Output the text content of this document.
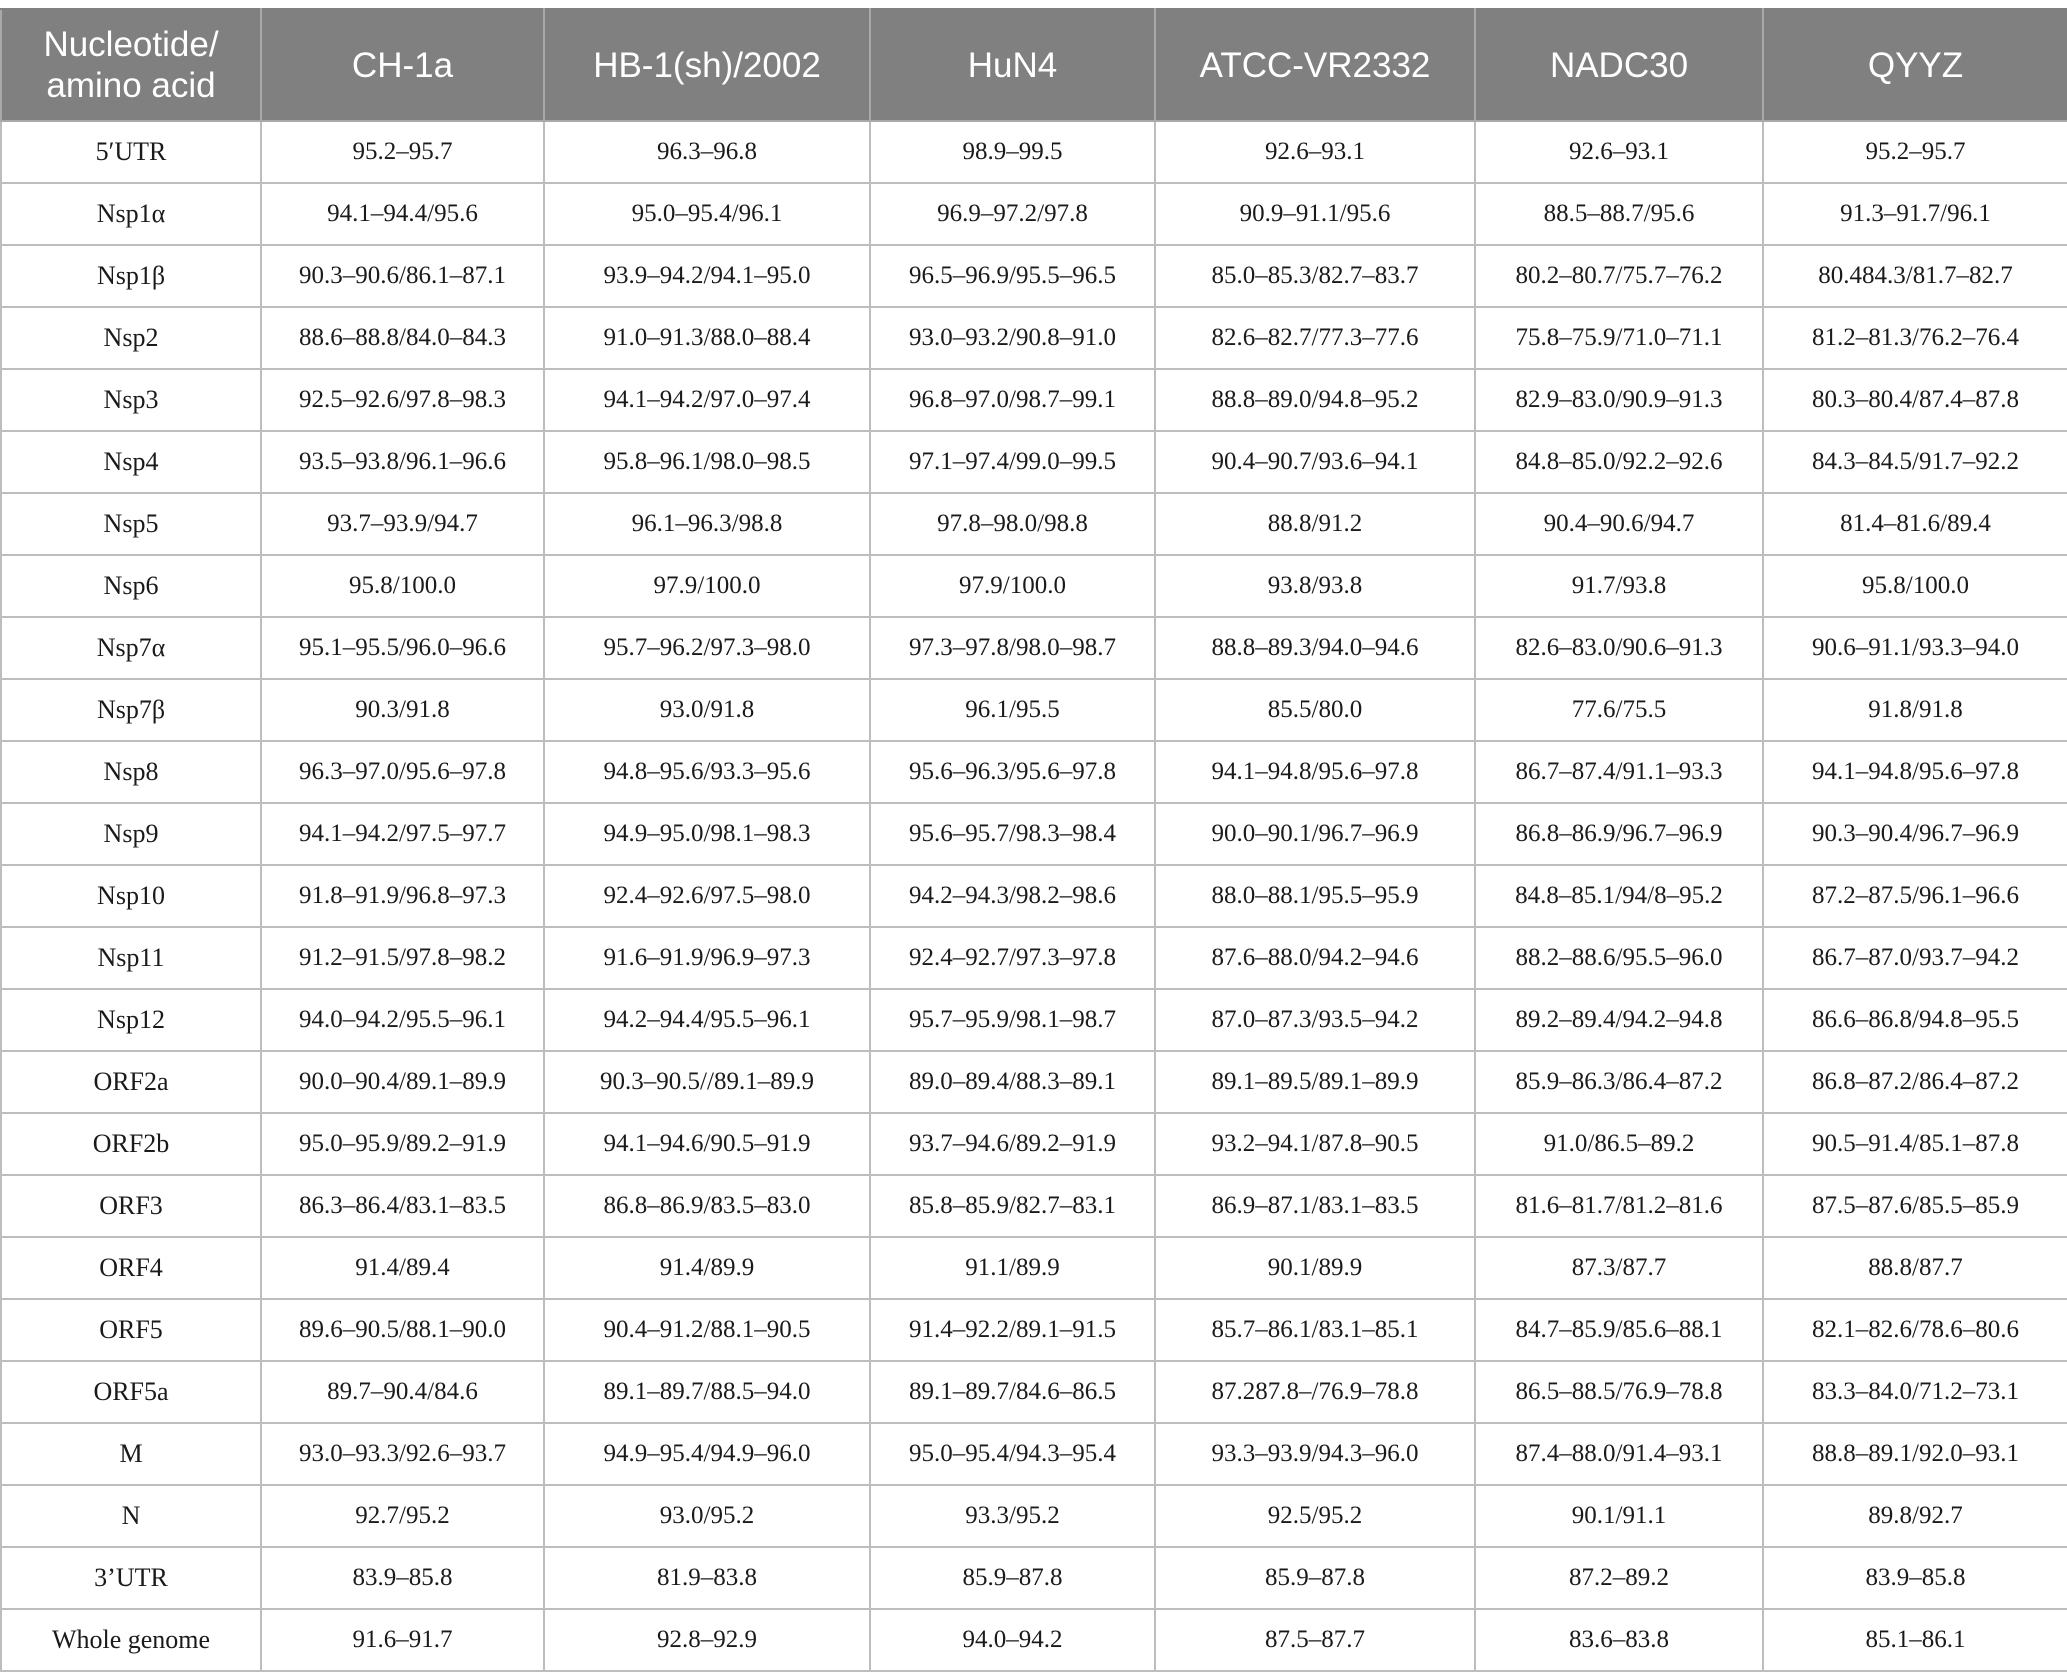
Nucleotide/ amino acid	CH-1a	HB-1(sh)/2002	HuN4	ATCC-VR2332	NADC30	QYYZ
5′UTR	95.2–95.7	96.3–96.8	98.9–99.5	92.6–93.1	92.6–93.1	95.2–95.7
Nsp1α	94.1–94.4/95.6	95.0–95.4/96.1	96.9–97.2/97.8	90.9–91.1/95.6	88.5–88.7/95.6	91.3–91.7/96.1
Nsp1β	90.3–90.6/86.1–87.1	93.9–94.2/94.1–95.0	96.5–96.9/95.5–96.5	85.0–85.3/82.7–83.7	80.2–80.7/75.7–76.2	80.484.3/81.7–82.7
Nsp2	88.6–88.8/84.0–84.3	91.0–91.3/88.0–88.4	93.0–93.2/90.8–91.0	82.6–82.7/77.3–77.6	75.8–75.9/71.0–71.1	81.2–81.3/76.2–76.4
Nsp3	92.5–92.6/97.8–98.3	94.1–94.2/97.0–97.4	96.8–97.0/98.7–99.1	88.8–89.0/94.8–95.2	82.9–83.0/90.9–91.3	80.3–80.4/87.4–87.8
Nsp4	93.5–93.8/96.1–96.6	95.8–96.1/98.0–98.5	97.1–97.4/99.0–99.5	90.4–90.7/93.6–94.1	84.8–85.0/92.2–92.6	84.3–84.5/91.7–92.2
Nsp5	93.7–93.9/94.7	96.1–96.3/98.8	97.8–98.0/98.8	88.8/91.2	90.4–90.6/94.7	81.4–81.6/89.4
Nsp6	95.8/100.0	97.9/100.0	97.9/100.0	93.8/93.8	91.7/93.8	95.8/100.0
Nsp7α	95.1–95.5/96.0–96.6	95.7–96.2/97.3–98.0	97.3–97.8/98.0–98.7	88.8–89.3/94.0–94.6	82.6–83.0/90.6–91.3	90.6–91.1/93.3–94.0
Nsp7β	90.3/91.8	93.0/91.8	96.1/95.5	85.5/80.0	77.6/75.5	91.8/91.8
Nsp8	96.3–97.0/95.6–97.8	94.8–95.6/93.3–95.6	95.6–96.3/95.6–97.8	94.1–94.8/95.6–97.8	86.7–87.4/91.1–93.3	94.1–94.8/95.6–97.8
Nsp9	94.1–94.2/97.5–97.7	94.9–95.0/98.1–98.3	95.6–95.7/98.3–98.4	90.0–90.1/96.7–96.9	86.8–86.9/96.7–96.9	90.3–90.4/96.7–96.9
Nsp10	91.8–91.9/96.8–97.3	92.4–92.6/97.5–98.0	94.2–94.3/98.2–98.6	88.0–88.1/95.5–95.9	84.8–85.1/94/8–95.2	87.2–87.5/96.1–96.6
Nsp11	91.2–91.5/97.8–98.2	91.6–91.9/96.9–97.3	92.4–92.7/97.3–97.8	87.6–88.0/94.2–94.6	88.2–88.6/95.5–96.0	86.7–87.0/93.7–94.2
Nsp12	94.0–94.2/95.5–96.1	94.2–94.4/95.5–96.1	95.7–95.9/98.1–98.7	87.0–87.3/93.5–94.2	89.2–89.4/94.2–94.8	86.6–86.8/94.8–95.5
ORF2a	90.0–90.4/89.1–89.9	90.3–90.5//89.1–89.9	89.0–89.4/88.3–89.1	89.1–89.5/89.1–89.9	85.9–86.3/86.4–87.2	86.8–87.2/86.4–87.2
ORF2b	95.0–95.9/89.2–91.9	94.1–94.6/90.5–91.9	93.7–94.6/89.2–91.9	93.2–94.1/87.8–90.5	91.0/86.5–89.2	90.5–91.4/85.1–87.8
ORF3	86.3–86.4/83.1–83.5	86.8–86.9/83.5–83.0	85.8–85.9/82.7–83.1	86.9–87.1/83.1–83.5	81.6–81.7/81.2–81.6	87.5–87.6/85.5–85.9
ORF4	91.4/89.4	91.4/89.9	91.1/89.9	90.1/89.9	87.3/87.7	88.8/87.7
ORF5	89.6–90.5/88.1–90.0	90.4–91.2/88.1–90.5	91.4–92.2/89.1–91.5	85.7–86.1/83.1–85.1	84.7–85.9/85.6–88.1	82.1–82.6/78.6–80.6
ORF5a	89.7–90.4/84.6	89.1–89.7/88.5–94.0	89.1–89.7/84.6–86.5	87.287.8–/76.9–78.8	86.5–88.5/76.9–78.8	83.3–84.0/71.2–73.1
M	93.0–93.3/92.6–93.7	94.9–95.4/94.9–96.0	95.0–95.4/94.3–95.4	93.3–93.9/94.3–96.0	87.4–88.0/91.4–93.1	88.8–89.1/92.0–93.1
N	92.7/95.2	93.0/95.2	93.3/95.2	92.5/95.2	90.1/91.1	89.8/92.7
3’UTR	83.9–85.8	81.9–83.8	85.9–87.8	85.9–87.8	87.2–89.2	83.9–85.8
Whole genome	91.6–91.7	92.8–92.9	94.0–94.2	87.5–87.7	83.6–83.8	85.1–86.1
